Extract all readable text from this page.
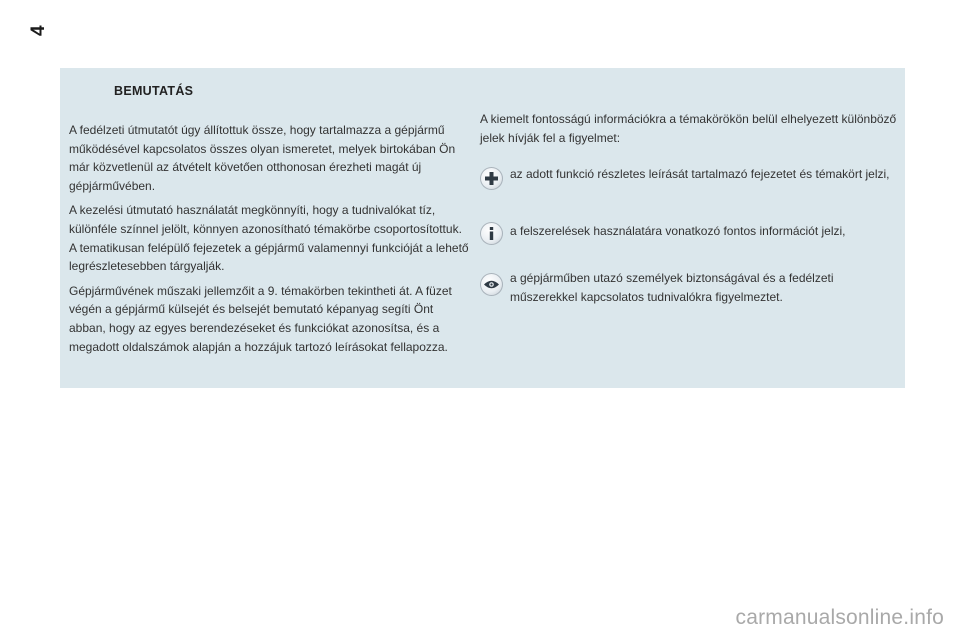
4
BEMUTATÁS

A fedélzeti útmutatót úgy állítottuk össze, hogy tartalmazza a gépjármű működésével kapcsolatos összes olyan ismeretet, melyek birtokában Ön már közvetlenül az átvételt követően otthonosan érezheti magát új gépjárművében.

A kezelési útmutató használatát megkönnyíti, hogy a tudnivalókat tíz, különféle színnel jelölt, könnyen azonosítható témakörbe csoportosítottuk. A tematikusan felépülő fejezetek a gépjármű valamennyi funkcióját a lehető legrészletesebben tárgyalják.

Gépjárművének műszaki jellemzőit a 9. témakörben tekintheti át. A füzet végén a gépjármű külsejét és belsejét bemutató képanyag segíti Önt abban, hogy az egyes berendezéseket és funkciókat azonosítsa, és a megadott oldalszámok alapján a hozzájuk tartozó leírásokat fellapozza.

A kiemelt fontosságú információkra a témakörökön belül elhelyezett különböző jelek hívják fel a figyelmet:

az adott funkció részletes leírását tartalmazó fejezetet és témakört jelzi,

a felszerelések használatára vonatkozó fontos információt jelzi,

a gépjárműben utazó személyek biztonságával és a fedélzeti műszerekkel kapcsolatos tudnivalókra figyelmeztet.

carmanualsonline.info
